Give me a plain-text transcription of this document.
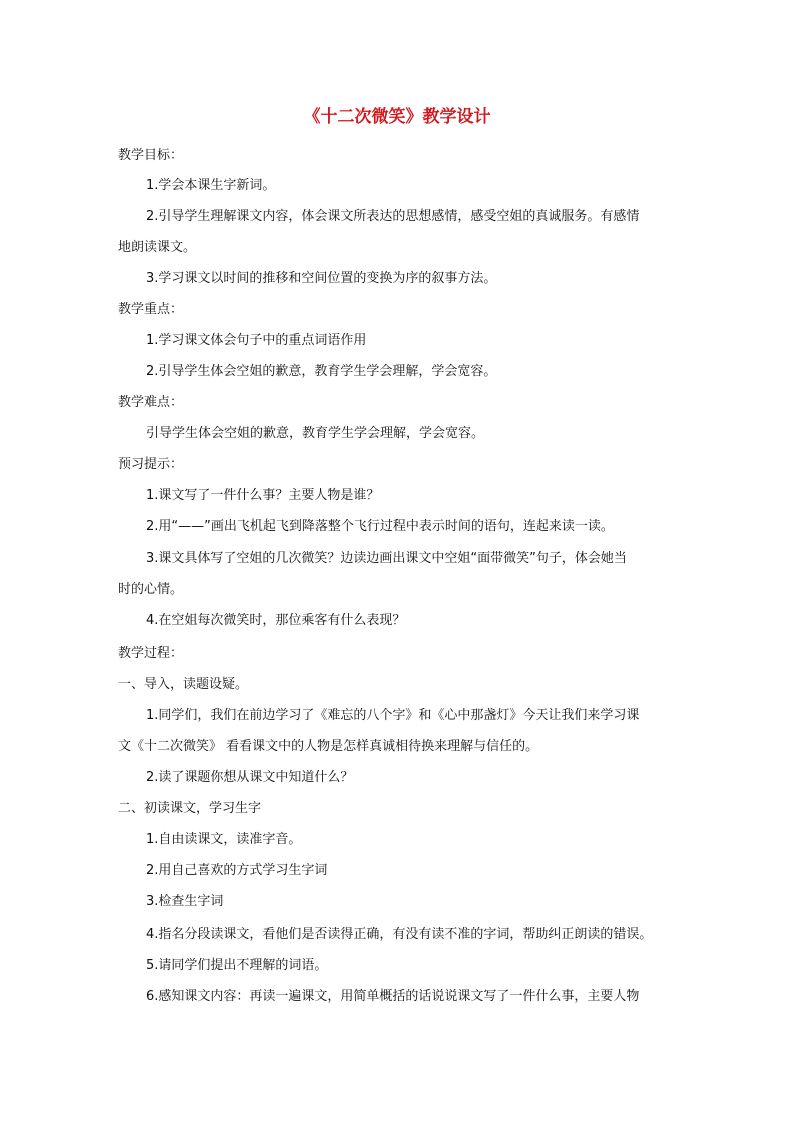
《十二次微笑》教学设计
教学目标：
1.学会本课生字新词。
2.引导学生理解课文内容，体会课文所表达的思想感情，感受空姐的真诚服务。有感情
地朗读课文。
3.学习课文以时间的推移和空间位置的变换为序的叙事方法。
教学重点：
1.学习课文体会句子中的重点词语作用
2.引导学生体会空姐的歉意，教育学生学会理解，学会宽容。
教学难点：
引导学生体会空姐的歉意，教育学生学会理解，学会宽容。
预习提示：
1.课文写了一件什么事？主要人物是谁？
2.用“——”画出飞机起飞到降落整个飞行过程中表示时间的语句，连起来读一读。
3.课文具体写了空姐的几次微笑？边读边画出课文中空姐“面带微笑”句子，体会她当
时的心情。
4.在空姐每次微笑时，那位乘客有什么表现？
教学过程：
一、导入，读题设疑。
1.同学们，我们在前边学习了《难忘的八个字》和《心中那盏灯》今天让我们来学习课
文《十二次微笑》 看看课文中的人物是怎样真诚相待换来理解与信任的。
2.读了课题你想从课文中知道什么？
二、初读课文，学习生字
1.自由读课文，读准字音。
2.用自己喜欢的方式学习生字词
3.检查生字词
4.指名分段读课文，看他们是否读得正确，有没有读不准的字词，帮助纠正朗读的错误。
5.请同学们提出不理解的词语。
6.感知课文内容：再读一遍课文，用简单概括的话说说课文写了一件什么事，主要人物
